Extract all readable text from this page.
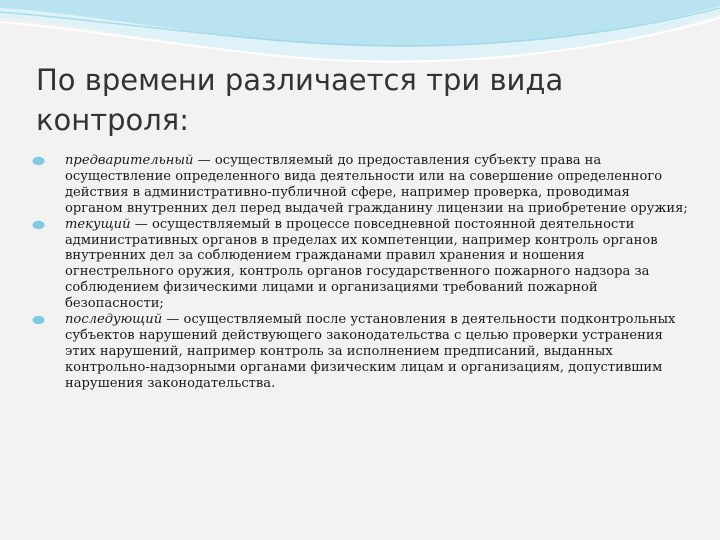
По времени различается три вида контроля:
предварительный — осуществляемый до предоставления субъекту права на осуществление определенного вида деятельности или на совершение определенного действия в административно-публичной сфере, например проверка, проводимая органом внутренних дел перед выдачей гражданину лицензии на приобретение оружия;
текущий — осуществляемый в процессе повседневной постоянной деятельности административных органов в пределах их компетенции, например контроль органов внутренних дел за соблюдением гражданами правил хранения и ношения огнестрельного оружия, контроль органов государственного пожарного надзора за соблюдением физическими лицами и организациями требований пожарной безопасности;
последующий — осуществляемый после установления в деятельности подконтрольных субъектов нарушений действующего законодательства с целью проверки устранения этих нарушений, например контроль за исполнением предписаний, выданных контрольно-надзорными органами физическим лицам и организациям, допустившим нарушения законодательства.
